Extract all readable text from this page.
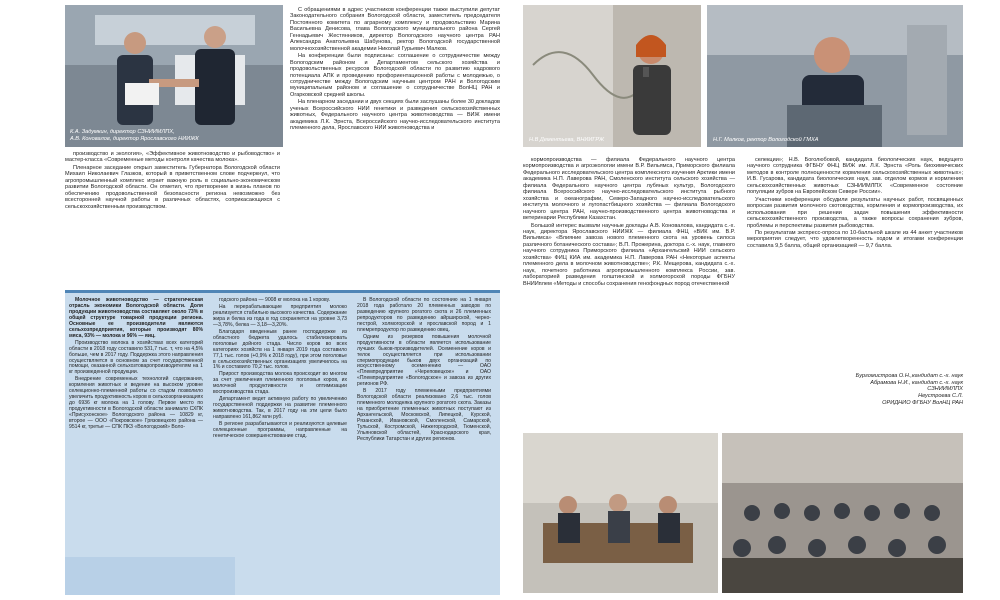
К.А. Задумкин, директор СЗНИИМЛПХ,
А.В. Коновалов, директор Ярославского НИИЖК

производство и экология», «Эффективное животноводство и рыбоводство» и мастер-класса «Современные методы контроля качества молока».

Пленарное заседание открыл заместитель Губернатора Вологодской области Михаил Николаевич Глазков, который в приветственном слове подчеркнул, что агропромышленный комплекс играет важную роль в социально-экономическом развитии Вологодской области. Он отметил, что претворение в жизнь планов по обеспечению продовольственной безопасности региона невозможно без всесторонней научной работы в различных областях, соприкасающихся с сельскохозяйственным производством.

С обращениями в адрес участников конференции также выступили депутат Законодательного собрания Вологодской области, заместитель председателя Постоянного комитета по аграрному комплексу и продовольствию Марина Васильевна Денисова, глава Вологодского муниципального района Сергей Геннадьевич Жестянников, директор Вологодского научного центра РАН Александра Анатольевна Шабунова, ректор Вологодской государственной молочнохозяйственной академии Николай Гурьевич Малков.

На конференции были подписаны: соглашение о сотрудничестве между Вологодским районом и Департаментом сельского хозяйства и продовольственных ресурсов Вологодской области по развитию кадрового потенциала АПК и проведению профориентационной работы с молодежью, о сотрудничестве между Вологодским научным центром РАН и Вологодским муниципальным районом и соглашение о сотрудничестве ВолНЦ РАН и Огарковской средней школы.

На пленарном заседании и двух секциях были заслушаны более 30 докладов ученых Всероссийского НИИ генетики и разведения сельскохозяйственных животных, Федерального научного центра животноводства — ВИЖ имени академика Л.К. Эрнста, Всероссийского научно-исследовательского института племенного дела, Ярославского НИИ животноводства и

Молочное животноводство — стратегическая отрасль экономики Вологодской области. Доля продукции животноводства составляет около 73% в общей структуре товарной продукции региона. Основные ее производители являются сельхозпредприятия, которые производят 80% мяса, 93% — молока и 96% — яиц.

Производство молока в хозяйствах всех категорий области в 2018 году составило 531,7 тыс. т, что на 4,5% больше, чем в 2017 году. Поддержка этого направления осуществляется в основном за счет государственной помощи, оказанной сельхозтоваропроизводителям на 1 кг произведенной продукции.

Внедрение современных технологий содержания, кормления животных и ведение на высоком уровне селекционно-племенной работы со стадом позволило увеличить продуктивность коров в сельхозорганизациях до 6936 кг молока на 1 голову. Первое место по продуктивности в Вологодской области занимало СХПК «Присухонское» Вологодского района — 10829 кг, второе — ООО «Покровское» Грязовецкого района — 9514 кг, третье — СПК ПКЗ «Вологодский» Воло-

годского района — 9008 кг молока на 1 корову.

На перерабатывающие предприятия молоко реализуется стабильно высокого качества. Содержание жира и белка из года в год сохраняется на уровне 3,73—3,78%, белка — 3,18—3,20%.

Благодаря введенным ранее господдержке из областного бюджета удалось стабилизировать поголовье дойного стада. Число коров во всех категориях хозяйств на 1 января 2019 года составило 77,1 тыс. голов (+0,9% к 2018 году), при этом поголовье в сельскохозяйственных организациях увеличилось на 1% и составило 70,2 тыс. голов.

Прирост производства молока происходит во многом за счет увеличения племенного поголовья коров, их молочной продуктивности и оптимизации воспроизводства стада.

Департамент ведет активную работу по увеличению государственной поддержки на развитие племенного животноводства. Так, в 2017 году на эти цели было направлено 161,862 млн руб.

В регионе разрабатываются и реализуются целевые селекционные программы, направленные на генетическое совершенствование стад.

В Вологодской области по состоянию на 1 января 2018 года работало 20 племенных заводов по разведению крупного рогатого скота и 26 племенных репродукторов по разведению айрширской, черно-пестрой, холмогорской и ярославской пород и 1 племрепродуктор по разведению овец.

Одним из резервов повышения молочной продуктивности в области является использование лучших быков-производителей. Осеменение коров и телок осуществляется при использовании спермопродукции быков двух организаций по искусственному осеменению — ОАО «Племпредприятие «Череповецкое» и ОАО «Племпредприятие «Вологодское» и завоза из других регионов РФ.

В 2017 году племенными предприятиями Вологодской области реализовано 2,6 тыс. голов племенного молодняка крупного рогатого скота. Заказы на приобретение племенных животных поступают из Архангельской, Московской, Липецкой, Курской, Рязанской, Ивановской, Смоленской, Самарской, Тульской, Костромской, Нижегородской, Тюменской, Ульяновской областей, Краснодарского края, Республики Татарстан и других регионов.

Н.В Дементьева, ВНИИГРЖ	Н.Г. Малков, ректор Вологодской ГМХА

кормопроизводства — филиала Федерального научного центра кормопроизводства и агроэкологии имени В.Р. Вильямса, Приморского филиала Федерального исследовательского центра комплексного изучения Арктики имени академика Н.П. Лаверова РАН, Смоленского института сельского хозяйства — филиала Федерального научного центра лубяных культур, Вологодского филиала Всероссийского научно-исследовательского института рыбного хозяйства и океанографии, Северо-Западного научно-исследовательского института молочного и лугопастбищного хозяйства — филиала Вологодского научного центра РАН, научно-производственного центра животноводства и ветеринарии Республики Казахстан.

Большой интерес вызвали научные доклады А.В. Коновалова, кандидата с.-х. наук, директора Ярославского НИИЖК — филиала ФНЦ «ВИК им. В.Р. Вильямса» «Влияние завоза нового племенного скота на уровень силоса различного ботанического состава»; В.П. Прожерина, доктора с.-х. наук, главного научного сотрудника Приморского филиала «Архангельский НИИ сельского хозяйства» ФИЦ КИА им. академика Н.П. Лаверова РАН «Некоторые аспекты племенного дела в молочном животноводстве»; Р.К. Мещерова, кандидата с.-х. наук, почетного работника агропромышленного комплекса России, зав. лабораторией разведения голштинской и холмогорской породы ФГБНУ ВНИИплем «Методы и способы сохранения генофондных пород отечественной

селекции»; Н.В. Боголюбовой, кандидата биологических наук, ведущего научного сотрудника ФГБНУ ФНЦ ВИЖ им. Л.К. Эрнста «Роль биохимических методов в контроле полноценности кормления сельскохозяйственных животных»; И.В. Гусарова, кандидата биологических наук, зав. отделом кормов и кормления сельскохозяйственных животных СЗНИИМЛПХ «Современное состояние популяции зубров на Европейском Севере России».

Участники конференции обсудили результаты научных работ, посвященных вопросам развития молочного скотоводства, кормления и кормопроизводства, их использования при решении задач повышения эффективности сельскохозяйственного производства, а также вопросы сохранения зубров, проблемы и перспективы развития рыбоводства.

По результатам экспресс-опроса по 10-балльной шкале из 44 анкет участников мероприятия следует, что удовлетворенность ходом и итогами конференции составила 9,5 балла, общей организацией — 9,7 балла.

Бургомистрова О.Н.,кандидат с.-х. наук
Абрамова Н.И., кандидат с.-х. наук
СЗНИИМЛПХ
Неустроева С.Л.
ОРИДНИО ФГБНУ ВолНЦ РАН
